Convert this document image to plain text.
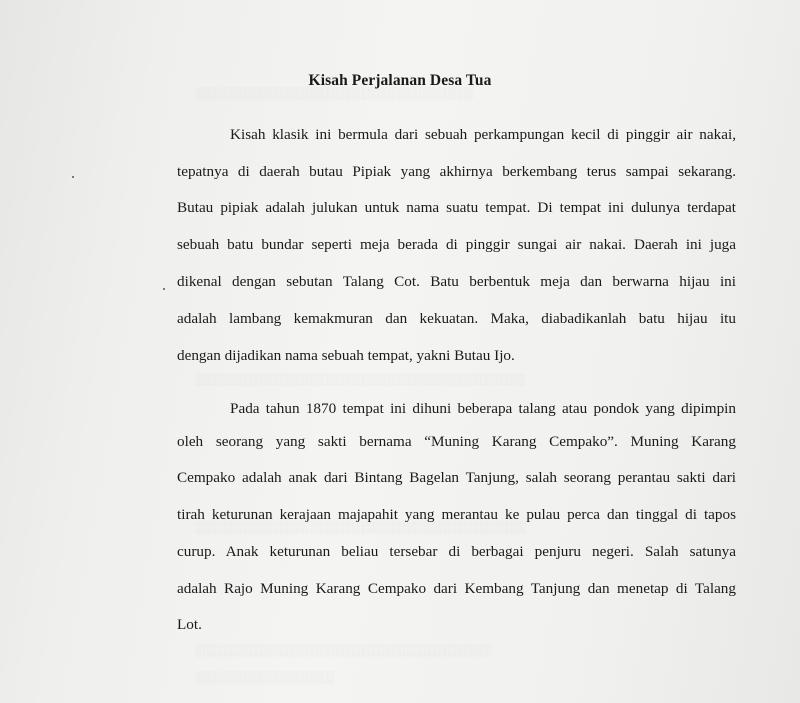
░░░░░░░░░░░░░░░░░░░░░░░░░░░░░░░░
░░░░░░░░░░░░░░░░░░░░░░░░░░░░░░░░░░░░░░
░░░░░░░░░░░░░░░░░░░░░░░░░░░░░░░░░░░░░░
░░░░░░░░░░░░░░░░░░░░░░░░░░░░░░░░░░
░░░░░░░░░░░░░░░░
Kisah Perjalanan Desa Tua
Kisah klasik ini bermula dari sebuah perkampungan kecil di pinggir air nakai,
tepatnya di daerah butau Pipiak yang akhirnya berkembang terus sampai sekarang.
Butau pipiak adalah julukan untuk nama suatu tempat. Di tempat ini dulunya terdapat
sebuah batu bundar seperti meja berada di pinggir sungai air nakai. Daerah ini juga
dikenal dengan sebutan Talang Cot. Batu berbentuk meja dan berwarna hijau ini
adalah lambang kemakmuran dan kekuatan. Maka, diabadikanlah batu hijau itu
dengan dijadikan nama sebuah tempat, yakni Butau Ijo.
Pada tahun 1870 tempat ini dihuni beberapa talang atau pondok yang dipimpin
oleh seorang yang sakti bernama “Muning Karang Cempako”. Muning Karang
Cempako adalah anak dari Bintang Bagelan Tanjung, salah seorang perantau sakti dari
tirah keturunan kerajaan majapahit yang merantau ke pulau perca dan tinggal di tapos
curup. Anak keturunan beliau tersebar di berbagai penjuru negeri. Salah satunya
adalah Rajo Muning Karang Cempako dari Kembang Tanjung dan menetap di Talang
Lot.
